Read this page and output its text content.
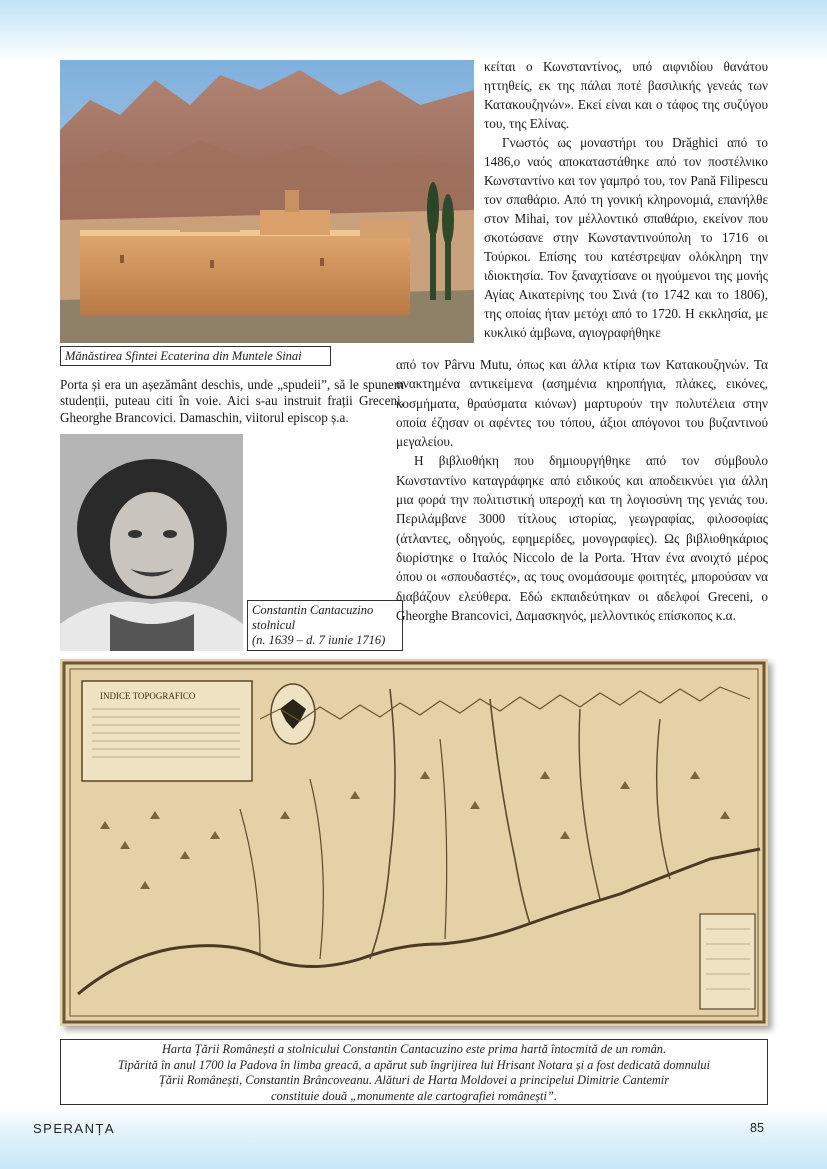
Mănăstirea Sfintei Ecaterina din Muntele Sinai
Porta și era un așezământ deschis, unde „spudeii”, să le spunem studenții, puteau citi în voie. Aici s-au instruit frații Greceni, Gheorghe Brancovici. Damaschin, viitorul episcop ș.a.
Constantin Cantacuzino
stolnicul
(n. 1639 – d. 7 iunie 1716)

κείται ο Κωνσταντίνος, υπό αιφνιδίου θανάτου ηττηθείς, εκ της πάλαι ποτέ βασιλικής γενεάς των Κατακουζηνών». Εκεί είναι και ο τάφος της συζύγου του, της Ελίνας.

Γνωστός ως μοναστήρι του Drăghici από το 1486,ο ναός αποκαταστάθηκε από τον ποστέλνικο Κωνσταντίνο και τον γαμπρό του, τον Pană Filipescu τον σπαθάριο. Από τη γονική κληρονομιά, επανήλθε στον Mihai, τον μέλλοντικό σπαθάριο, εκείνον που σκοτώσανε στην Κωνσταντινούπολη το 1716 οι Τούρκοι. Επίσης του κατέστρεψαν ολόκληρη την ιδιοκτησία. Τον ξαναχτίσανε οι ηγούμενοι της μονής Αγίας Αικατερίνης του Σινά (το 1742 και το 1806), της οποίας ήταν μετόχι από το 1720. Η εκκλησία, με κυκλικό άμβωνα, αγιογραφήθηκε

από τον Pârvu Mutu, όπως και άλλα κτίρια των Κατακουζηνών. Τα ανακτημένα αντικείμενα (ασημένια κηροπήγια, πλάκες, εικόνες, κοσμήματα, θραύσματα κιόνων) μαρτυρούν την πολυτέλεια στην οποία έζησαν οι αφέντες του τόπου, άξιοι απόγονοι του βυζαντινού μεγαλείου.

Η βιβλιοθήκη που δημιουργήθηκε από τον σύμβουλο Κωνσταντίνο καταγράφηκε από ειδικούς και αποδεικνύει για άλλη μια φορά την πολιτιστική υπεροχή και τη λογιοσύνη της γενιάς του. Περιλάμβανε 3000 τίτλους ιστορίας, γεωγραφίας, φιλοσοφίας (άτλαντες, οδηγούς, εφημερίδες, μονογραφίες). Ως βιβλιοθηκάριος διορίστηκε ο Ιταλός Niccolo de la Porta. Ήταν ένα ανοιχτό μέρος όπου οι «σπουδαστές», ας τους ονομάσουμε φοιτητές, μπορούσαν να διαβάζουν ελεύθερα. Εδώ εκπαιδεύτηκαν οι αδελφοί Greceni, ο Gheorghe Brancovici, Δαμασκηνός, μελλοντικός επίσκοπος κ.α.

INDICE TOPOGRAFICO
Harta Țării Românești a stolnicului Constantin Cantacuzino este prima hartă întocmită de un român.
Tipărită în anul 1700 la Padova în limba greacă, a apărut sub îngrijirea lui Hrisant Notara și a fost dedicată domnului
Țării Românești, Constantin Brâncoveanu. Alături de Harta Moldovei a principelui Dimitrie Cantemir
constituie două „monumente ale cartografiei românești”.
SPERANȚA	85
